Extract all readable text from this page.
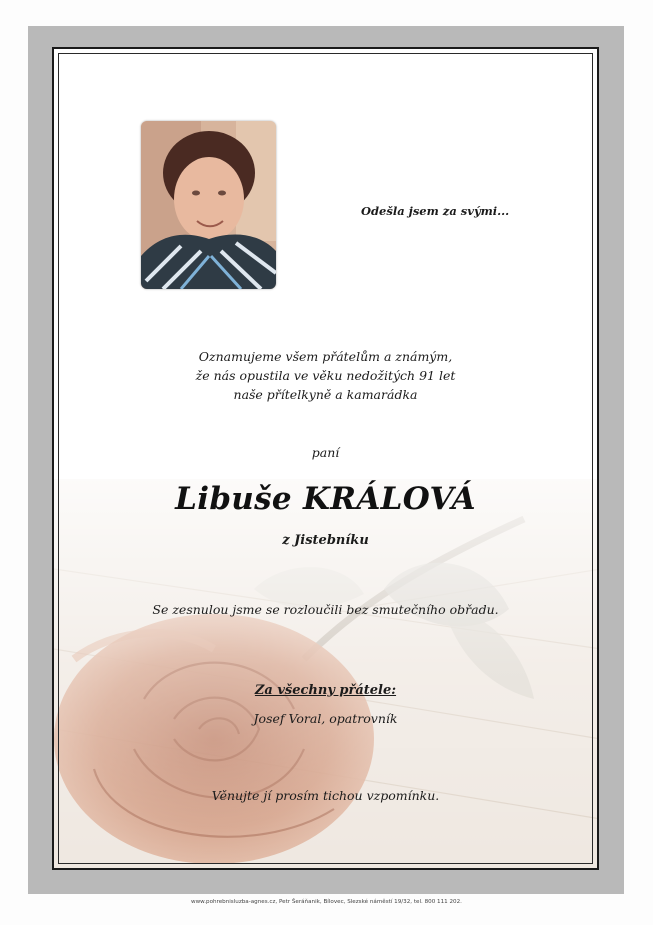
Odešla jsem za svými...
Oznamujeme všem přátelům a známým,
že nás opustila ve věku nedožitých 91 let
naše přítelkyně a kamarádka
paní
Libuše KRÁLOVÁ
z Jistebníku
Se zesnulou jsme se rozloučili bez smutečního obřadu.
Za všechny přátele:
Josef Voral, opatrovník
Věnujte jí prosím tichou vzpomínku.
www.pohrebnisluzba-agnes.cz, Petr Šeráňanik, Bílovec, Slezské náměstí 19/32, tel. 800 111 202.
